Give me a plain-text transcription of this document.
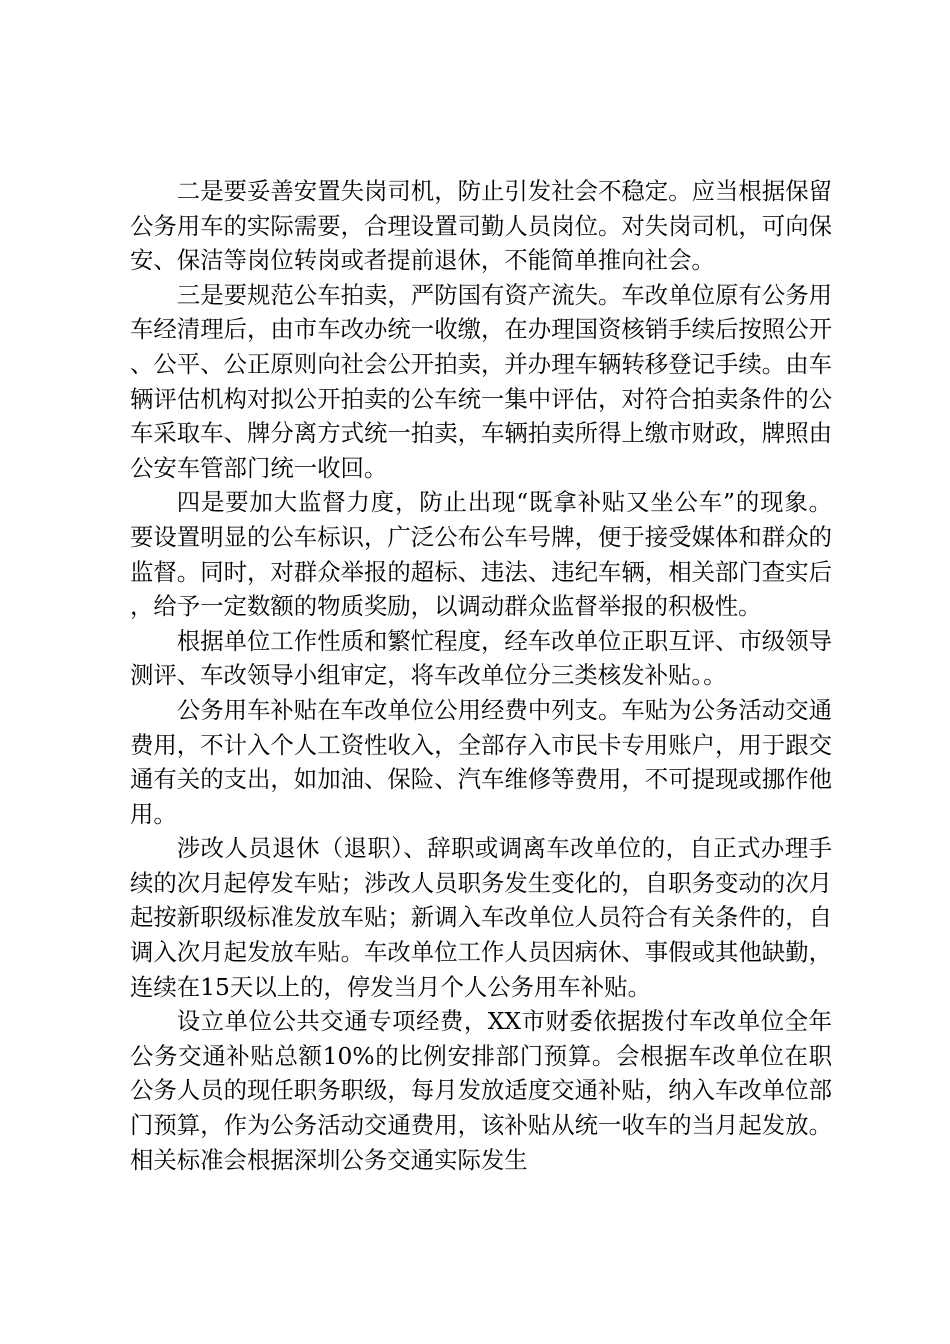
二是要妥善安置失岗司机，防止引发社会不稳定。应当根据保留公务用车的实际需要，合理设置司勤人员岗位。对失岗司机，可向保安、保洁等岗位转岗或者提前退休，不能简单推向社会。

三是要规范公车拍卖，严防国有资产流失。车改单位原有公务用车经清理后，由市车改办统一收缴，在办理国资核销手续后按照公开、公平、公正原则向社会公开拍卖，并办理车辆转移登记手续。由车辆评估机构对拟公开拍卖的公车统一集中评估，对符合拍卖条件的公车采取车、牌分离方式统一拍卖，车辆拍卖所得上缴市财政，牌照由公安车管部门统一收回。

四是要加大监督力度，防止出现“既拿补贴又坐公车”的现象。要设置明显的公车标识，广泛公布公车号牌，便于接受媒体和群众的监督。同时，对群众举报的超标、违法、违纪车辆，相关部门查实后，给予一定数额的物质奖励，以调动群众监督举报的积极性。

根据单位工作性质和繁忙程度，经车改单位正职互评、市级领导测评、车改领导小组审定，将车改单位分三类核发补贴。。

公务用车补贴在车改单位公用经费中列支。车贴为公务活动交通费用，不计入个人工资性收入，全部存入市民卡专用账户，用于跟交通有关的支出，如加油、保险、汽车维修等费用，不可提现或挪作他用。

涉改人员退休（退职）、辞职或调离车改单位的，自正式办理手续的次月起停发车贴；涉改人员职务发生变化的，自职务变动的次月起按新职级标准发放车贴；新调入车改单位人员符合有关条件的，自调入次月起发放车贴。车改单位工作人员因病休、事假或其他缺勤，连续在15天以上的，停发当月个人公务用车补贴。

设立单位公共交通专项经费，XX市财委依据拨付车改单位全年公务交通补贴总额10%的比例安排部门预算。会根据车改单位在职公务人员的现任职务职级，每月发放适度交通补贴，纳入车改单位部门预算，作为公务活动交通费用，该补贴从统一收车的当月起发放。相关标准会根据深圳公务交通实际发生
